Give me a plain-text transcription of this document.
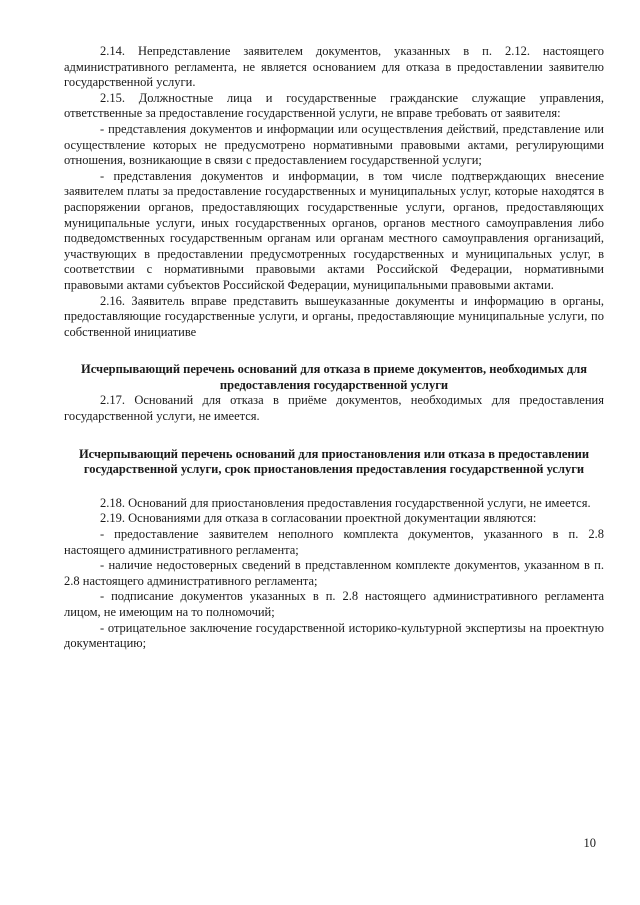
2.14. Непредставление заявителем документов, указанных в п. 2.12. настоящего административного регламента, не является основанием для отказа в предоставлении заявителю государственной услуги.

2.15. Должностные лица и государственные гражданские служащие управления, ответственные за предоставление государственной услуги, не вправе требовать от заявителя:

- представления документов и информации или осуществления действий, представление или осуществление которых не предусмотрено нормативными правовыми актами, регулирующими отношения, возникающие в связи с предоставлением государственной услуги;

- представления документов и информации, в том числе подтверждающих внесение заявителем платы за предоставление государственных и муниципальных услуг, которые находятся в распоряжении органов, предоставляющих государственные услуги, органов, предоставляющих муниципальные услуги, иных государственных органов, органов местного самоуправления либо подведомственных государственным органам или органам местного самоуправления организаций, участвующих в предоставлении предусмотренных государственных и муниципальных услуг, в соответствии с нормативными правовыми актами Российской Федерации, нормативными правовыми актами субъектов Российской Федерации, муниципальными правовыми актами.

2.16. Заявитель вправе представить вышеуказанные документы и информацию в органы, предоставляющие государственные услуги, и органы, предоставляющие муниципальные услуги, по собственной инициативе

Исчерпывающий перечень оснований для отказа в приеме документов, необходимых для предоставления государственной услуги

2.17. Оснований для отказа в приёме документов, необходимых для предоставления государственной услуги, не имеется.

Исчерпывающий перечень оснований для приостановления или отказа в предоставлении государственной услуги, срок приостановления предоставления государственной услуги

2.18. Оснований для приостановления предоставления государственной услуги, не имеется.

2.19. Основаниями для отказа в согласовании проектной документации являются:

- предоставление заявителем неполного комплекта документов, указанного в п. 2.8 настоящего административного регламента;

- наличие недостоверных сведений в представленном комплекте документов, указанном в п. 2.8 настоящего административного регламента;

- подписание документов указанных в п. 2.8 настоящего административного регламента лицом, не имеющим на то полномочий;

- отрицательное заключение государственной историко-культурной экспертизы на проектную документацию;

10
